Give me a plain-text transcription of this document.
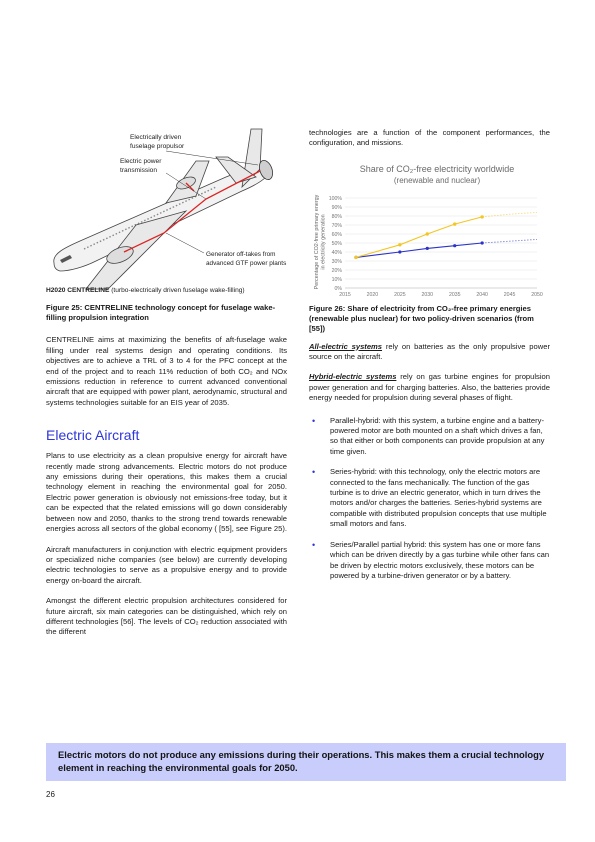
Electrically driven
fuselage propulsor
Electric power
transmission
Generator off-takes from
advanced GTF power plants
H2020 CENTRELINE (turbo-electrically driven fuselage wake-filling)

Figure 25: CENTRELINE technology concept for fuselage wake-filling propulsion integration

CENTRELINE aims at maximizing the benefits of aft-fuselage wake filling under real systems design and operating conditions. Its objectives are to achieve a TRL of 3 to 4 for the PFC concept at the end of the project and to reach 11% reduction of both CO₂ and NOx emissions reduction in reference to current advanced conventional aircraft that are equipped with power plant, aerodynamic, structural and systems technologies suitable for an EIS year of 2035.

Electric Aircraft

Plans to use electricity as a clean propulsive energy for aircraft have recently made strong advancements. Electric motors do not produce any emissions during their operations, this makes them a crucial technology element in reaching the environmental goal for 2050. Electric power generation is obviously not emissions-free today, but it can be expected that the related emissions will go down considerably between now and 2050, thanks to the strong trend towards renewable energies across all sectors of the global economy ( [55], see Figure 25).

Aircraft manufacturers in conjunction with electric equipment providers or specialized niche companies (see below) are currently developing electric technologies to serve as a propulsive energy and to provide energy on-board the aircraft.

Amongst the different electric propulsion architectures considered for future aircraft, six main categories can be distinguished, which rely on different technologies [56]. The levels of CO₂ reduction associated with the different

technologies are a function of the component performances, the configuration, and missions.

Share of CO₂-free electricity worldwide
(renewable and nuclear)
0%
10%
20%
30%
40%
50%
60%
70%
80%
90%
100%
2015	2020	2025	2030	2035	2040	2045	2050
Percentage of CO2-free primary energyin electricity generation

Figure 26: Share of electricity from CO₂-free primary energies (renewable plus nuclear) for two policy-driven scenarios (from [55])

All-electric systems rely on batteries as the only propulsive power source on the aircraft.

Hybrid-electric systems rely on gas turbine engines for propulsion power generation and for charging batteries. Also, the batteries provide energy needed for propulsion during several phases of flight.

• Parallel-hybrid: with this system, a turbine engine and a battery-powered motor are both mounted on a shaft which drives a fan, so that either or both components can provide propulsion at any time given.
• Series-hybrid: with this technology, only the electric motors are connected to the fans mechanically. The function of the gas turbine is to drive an electric generator, which in turn drives the motors and/or charges the batteries. Series-hybrid systems are compatible with distributed propulsion concepts that use multiple small motors and fans.
• Series/Parallel partial hybrid: this system has one or more fans which can be driven directly by a gas turbine while other fans can be driven by electric motors exclusively, these motors can be powered by a turbine-driven generator or by a battery.
Electric motors do not produce any emissions during their operations. This makes them a crucial technology element in reaching the environmental goals for 2050.
26
